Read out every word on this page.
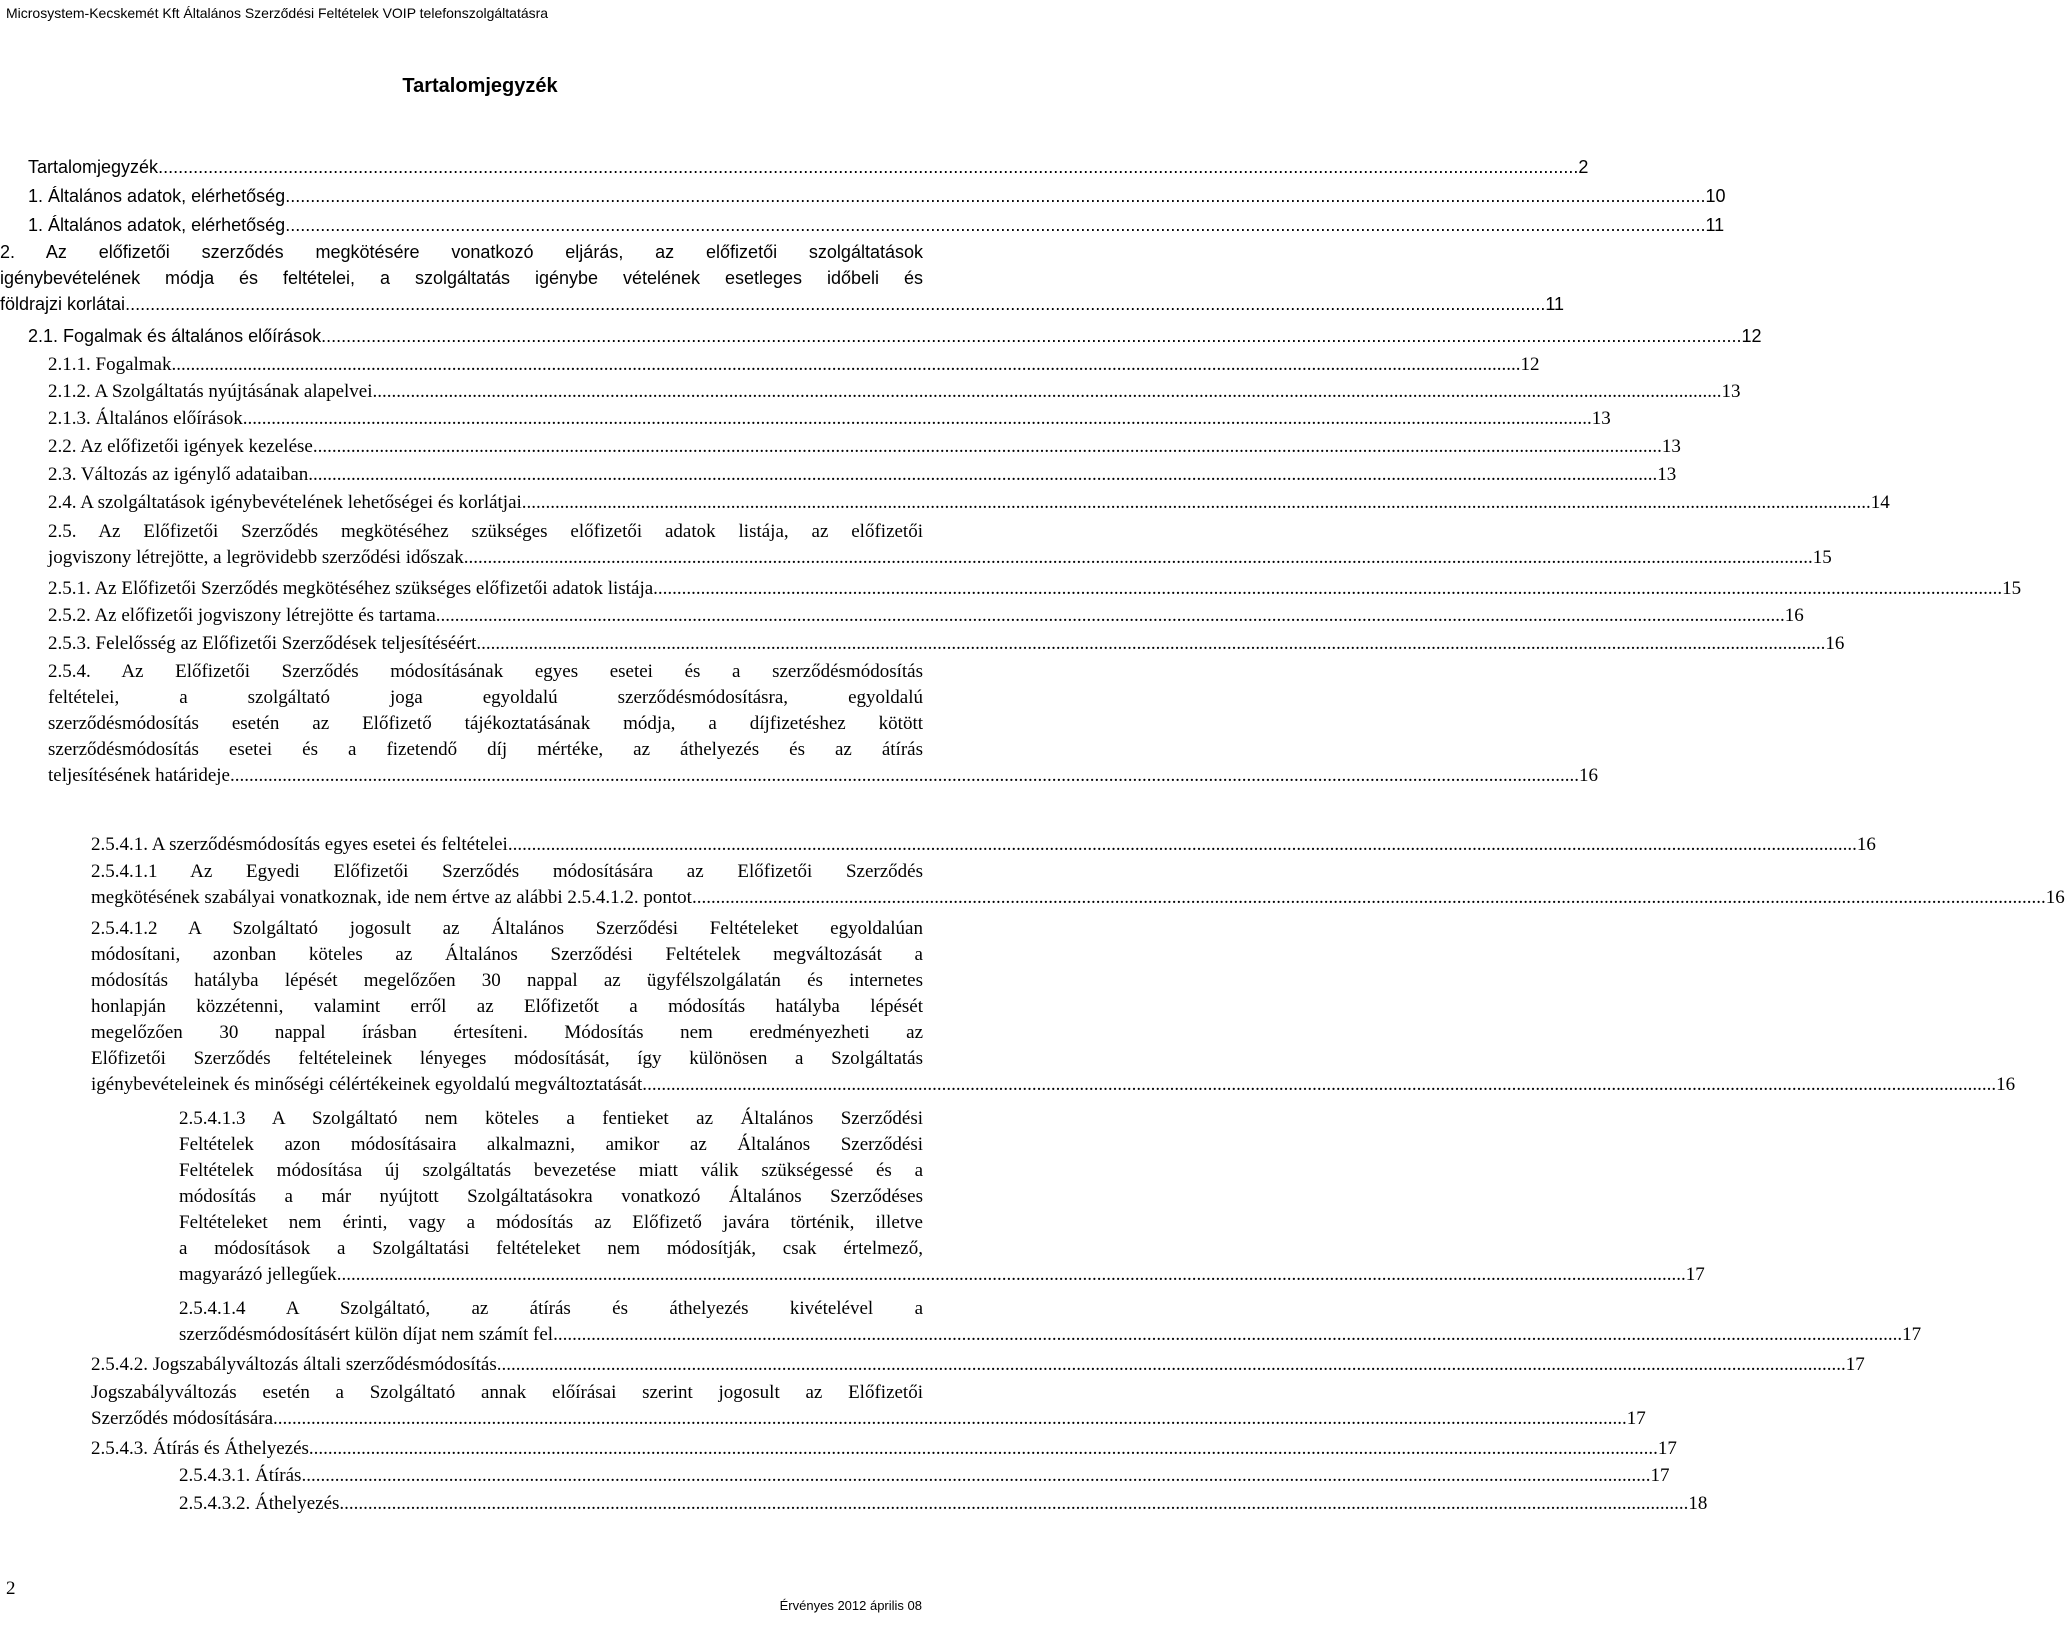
Microsystem-Kecskemét Kft Általános Szerződési Feltételek VOIP telefonszolgáltatásra
Tartalomjegyzék
Tartalomjegyzék .....	2
1. Általános adatok, elérhetőség .....	10
1. Általános adatok, elérhetőség .....	11
2. Az előfizetői szerződés megkötésére vonatkozó eljárás, az előfizetői szolgáltatások
igénybevételének módja és feltételei, a szolgáltatás igénybe vételének esetleges időbeli és
földrajzi korlátai .....	11
2.1. Fogalmak és általános előírások .....	12
2.1.1. Fogalmak .....	12
2.1.2. A Szolgáltatás nyújtásának alapelvei .....	13
2.1.3. Általános előírások .....	13
2.2. Az előfizetői igények kezelése .....	13
2.3. Változás az igénylő adataiban .....	13
2.4. A szolgáltatások igénybevételének lehetőségei és korlátjai .....	14
2.5. Az Előfizetői Szerződés megkötéséhez szükséges előfizetői adatok listája, az előfizetői
jogviszony létrejötte, a legrövidebb szerződési időszak .....	15
2.5.1. Az Előfizetői Szerződés megkötéséhez szükséges előfizetői adatok listája .....	15
2.5.2. Az előfizetői jogviszony létrejötte és tartama .....	16
2.5.3. Felelősség az Előfizetői Szerződések teljesítéséért .....	16
2.5.4. Az Előfizetői Szerződés módosításának egyes esetei és a szerződésmódosítás
feltételei, a szolgáltató joga egyoldalú szerződésmódosításra, egyoldalú
szerződésmódosítás esetén az Előfizető tájékoztatásának módja, a díjfizetéshez kötött
szerződésmódosítás esetei és a fizetendő díj mértéke, az áthelyezés és az átírás
teljesítésének határideje .....	16
2.5.4.1. A szerződésmódosítás egyes esetei és feltételei .....	16
2.5.4.1.1 Az Egyedi Előfizetői Szerződés módosítására az Előfizetői Szerződés
megkötésének szabályai vonatkoznak, ide nem értve az alábbi 2.5.4.1.2. pontot. .....	16
2.5.4.1.2 A Szolgáltató jogosult az Általános Szerződési Feltételeket egyoldalúan
módosítani, azonban köteles az Általános Szerződési Feltételek megváltozását a
módosítás hatályba lépését megelőzően 30 nappal az ügyfélszolgálatán és internetes
honlapján közzétenni, valamint erről az Előfizetőt a módosítás hatályba lépését
megelőzően 30 nappal írásban értesíteni. Módosítás nem eredményezheti az
Előfizetői Szerződés feltételeinek lényeges módosítását, így különösen a Szolgáltatás
igénybevételeinek és minőségi célértékeinek egyoldalú megváltoztatását. .....	16
2.5.4.1.3 A Szolgáltató nem köteles a fentieket az Általános Szerződési
Feltételek azon módosításaira alkalmazni, amikor az Általános Szerződési
Feltételek módosítása új szolgáltatás bevezetése miatt válik szükségessé és a
módosítás a már nyújtott Szolgáltatásokra vonatkozó Általános Szerződéses
Feltételeket nem érinti, vagy a módosítás az Előfizető javára történik, illetve
a módosítások a Szolgáltatási feltételeket nem módosítják, csak értelmező,
magyarázó jellegűek .....	17
2.5.4.1.4 A Szolgáltató, az átírás és áthelyezés kivételével a
szerződésmódosításért külön díjat nem számít fel .....	17
2.5.4.2. Jogszabályváltozás általi szerződésmódosítás .....	17
Jogszabályváltozás esetén a Szolgáltató annak előírásai szerint jogosult az Előfizetői
Szerződés módosítására. .....	17
2.5.4.3. Átírás és Áthelyezés .....	17
2.5.4.3.1. Átírás .....	17
2.5.4.3.2. Áthelyezés .....	18
2
Érvényes 2012 április 08
